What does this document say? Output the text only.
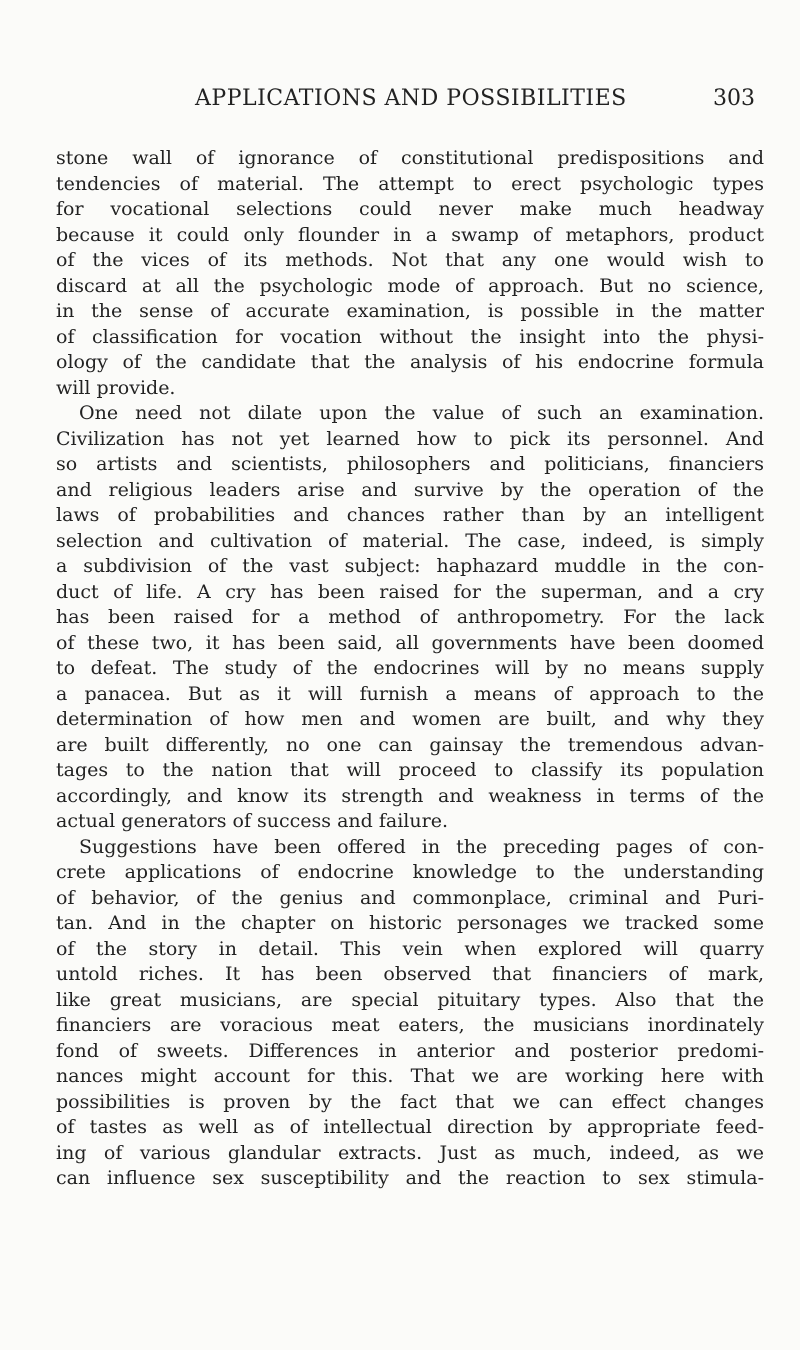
APPLICATIONS AND POSSIBILITIES	303

stone wall of ignorance of constitutional predispositions and
tendencies of material. The attempt to erect psychologic types
for vocational selections could never make much headway
because it could only flounder in a swamp of metaphors, product
of the vices of its methods. Not that any one would wish to
discard at all the psychologic mode of approach. But no science,
in the sense of accurate examination, is possible in the matter
of classification for vocation without the insight into the physi-
ology of the candidate that the analysis of his endocrine formula
will provide.

One need not dilate upon the value of such an examination.
Civilization has not yet learned how to pick its personnel. And
so artists and scientists, philosophers and politicians, financiers
and religious leaders arise and survive by the operation of the
laws of probabilities and chances rather than by an intelligent
selection and cultivation of material. The case, indeed, is simply
a subdivision of the vast subject: haphazard muddle in the con-
duct of life. A cry has been raised for the superman, and a cry
has been raised for a method of anthropometry. For the lack
of these two, it has been said, all governments have been doomed
to defeat. The study of the endocrines will by no means supply
a panacea. But as it will furnish a means of approach to the
determination of how men and women are built, and why they
are built differently, no one can gainsay the tremendous advan-
tages to the nation that will proceed to classify its population
accordingly, and know its strength and weakness in terms of the
actual generators of success and failure.

Suggestions have been offered in the preceding pages of con-
crete applications of endocrine knowledge to the understanding
of behavior, of the genius and commonplace, criminal and Puri-
tan. And in the chapter on historic personages we tracked some
of the story in detail. This vein when explored will quarry
untold riches. It has been observed that financiers of mark,
like great musicians, are special pituitary types. Also that the
financiers are voracious meat eaters, the musicians inordinately
fond of sweets. Differences in anterior and posterior predomi-
nances might account for this. That we are working here with
possibilities is proven by the fact that we can effect changes
of tastes as well as of intellectual direction by appropriate feed-
ing of various glandular extracts. Just as much, indeed, as we
can influence sex susceptibility and the reaction to sex stimula-
